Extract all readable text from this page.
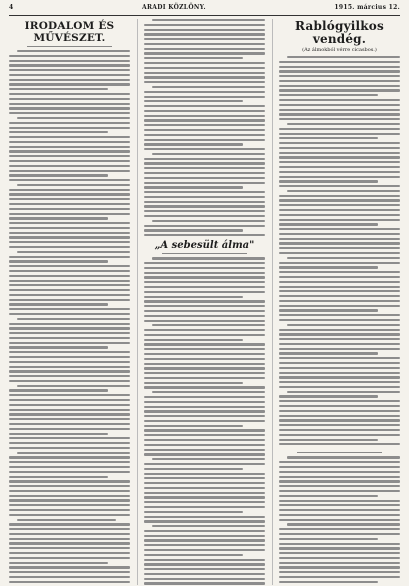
4	ARADI KÖZLÖNY.	1915. március 12.
IRODALOM ÉS MŰVÉSZET.
„A sebesült álma"
Rablógyilkos vendég.
(Az álmokból vérre cicasbos.)
